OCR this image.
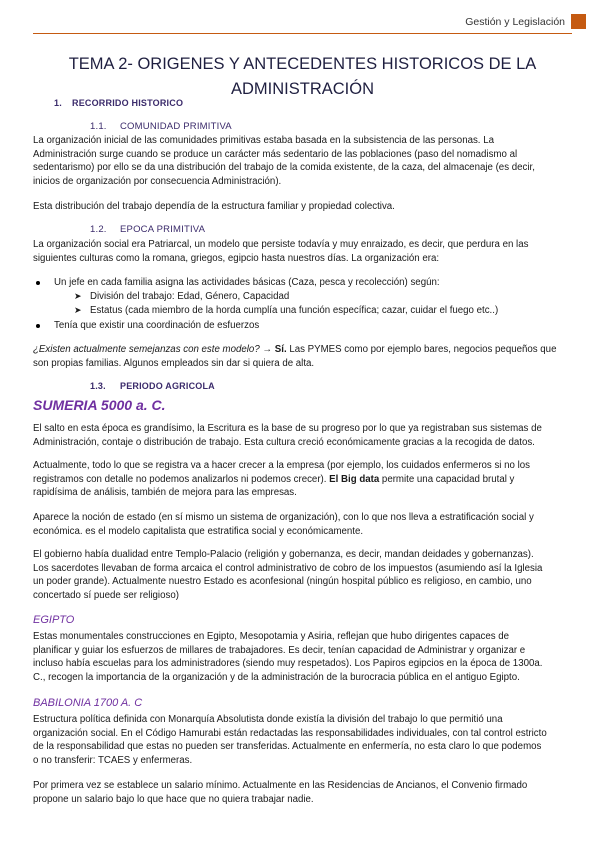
Gestión y Legislación
TEMA 2- ORIGENES Y ANTECEDENTES HISTORICOS DE LA
ADMINISTRACIÓN
1. RECORRIDO HISTORICO
1.1. COMUNIDAD PRIMITIVA
La organización inicial de las comunidades primitivas estaba basada en la subsistencia de las personas. La
Administración surge cuando se produce un carácter más sedentario de las poblaciones (paso del nomadismo al
sedentarismo) por ello se da una distribución del trabajo de la comida existente, de la caza, del almacenaje (es decir,
inicios de organización por consecuencia Administración).
Esta distribución del trabajo dependía de la estructura familiar y propiedad colectiva.
1.2. EPOCA PRIMITIVA
La organización social era Patriarcal, un modelo que persiste todavía y muy enraizado, es decir, que perdura en las
siguientes culturas como la romana, griegos, egipcio hasta nuestros días. La organización era:
Un jefe en cada familia asigna las actividades básicas (Caza, pesca y recolección) según:
➤ División del trabajo: Edad, Género, Capacidad
➤ Estatus (cada miembro de la horda cumplía una función específica; cazar, cuidar el fuego etc..)
Tenía que existir una coordinación de esfuerzos
¿Existen actualmente semejanzas con este modelo? → Sí. Las PYMES como por ejemplo bares, negocios pequeños que
son propias familias. Algunos empleados sin dar si quiera de alta.
1.3. PERIODO AGRICOLA
SUMERIA 5000 a. C.
El salto en esta época es grandísimo, la Escritura es la base de su progreso por lo que ya registraban sus sistemas de
Administración, contaje o distribución de trabajo. Esta cultura creció económicamente gracias a la recogida de datos.
Actualmente, todo lo que se registra va a hacer crecer a la empresa (por ejemplo, los cuidados enfermeros si no los
registramos con detalle no podemos analizarlos ni podemos crecer). El Big data permite una capacidad brutal y
rapidísima de análisis, también de mejora para las empresas.
Aparece la noción de estado (en sí mismo un sistema de organización), con lo que nos lleva a estratificación social y
económica. es el modelo capitalista que estratifica social y económicamente.
El gobierno había dualidad entre Templo-Palacio (religión y gobernanza, es decir, mandan deidades y gobernanzas).
Los sacerdotes llevaban de forma arcaica el control administrativo de cobro de los impuestos (asumiendo así la Iglesia
un poder grande). Actualmente nuestro Estado es aconfesional (ningún hospital público es religioso, en cambio, uno
concertado sí puede ser religioso)
EGIPTO
Estas monumentales construcciones en Egipto, Mesopotamia y Asiria, reflejan que hubo dirigentes capaces de
planificar y guiar los esfuerzos de millares de trabajadores. Es decir, tenían capacidad de Administrar y organizar e
incluso había escuelas para los administradores (siendo muy respetados). Los Papiros egipcios en la época de 1300a.
C., recogen la importancia de la organización y de la administración de la burocracia pública en el antiguo Egipto.
BABILONIA 1700 A. C
Estructura política definida con Monarquía Absolutista donde existía la división del trabajo lo que permitió una
organización social. En el Código Hamurabi están redactadas las responsabilidades individuales, con tal control estricto
de la responsabilidad que estas no pueden ser transferidas. Actualmente en enfermería, no esta claro lo que podemos
o no transferir: TCAES y enfermeras.
Por primera vez se establece un salario mínimo. Actualmente en las Residencias de Ancianos, el Convenio firmado
propone un salario bajo lo que hace que no quiera trabajar nadie.
